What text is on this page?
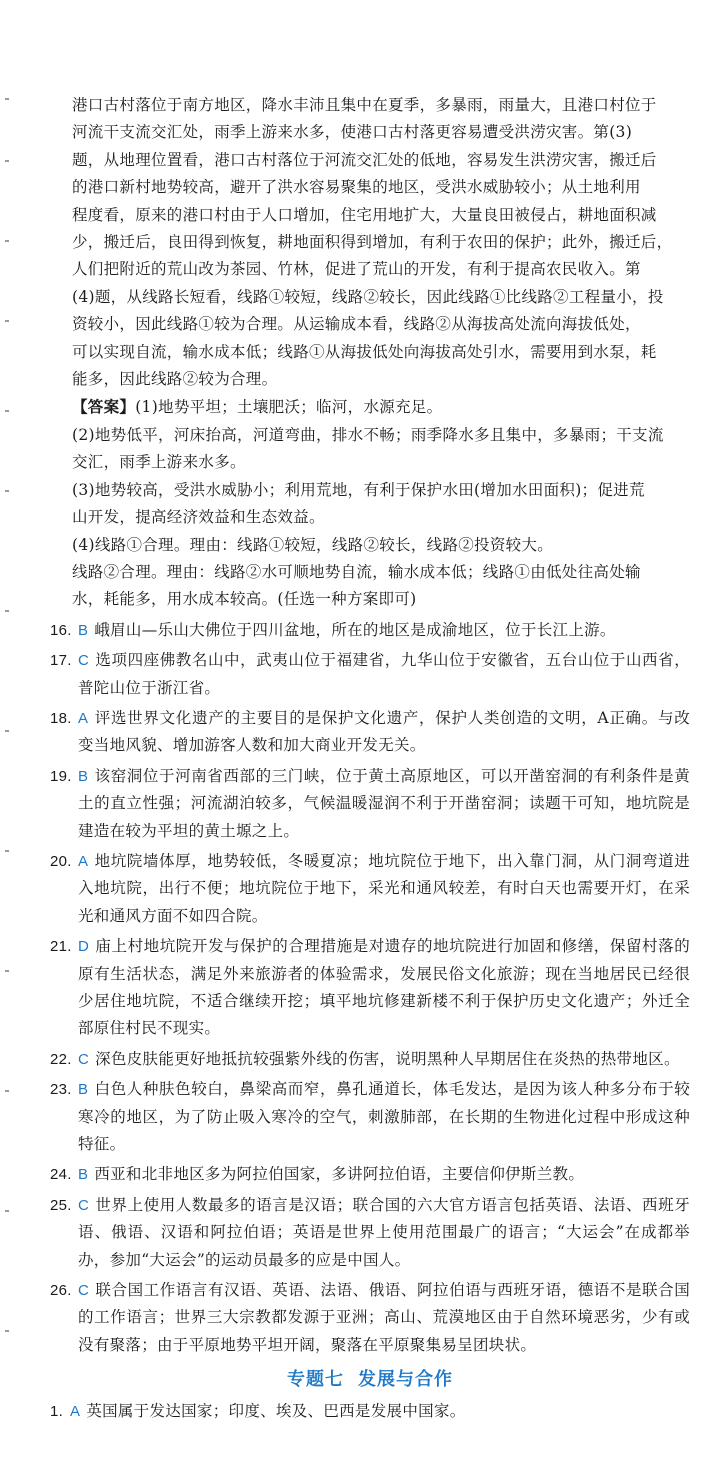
港口古村落位于南方地区，降水丰沛且集中在夏季，多暴雨，雨量大，且港口村位于

河流干支流交汇处，雨季上游来水多，使港口古村落更容易遭受洪涝灾害。第(3)

题，从地理位置看，港口古村落位于河流交汇处的低地，容易发生洪涝灾害，搬迁后

的港口新村地势较高，避开了洪水容易聚集的地区，受洪水威胁较小；从土地利用

程度看，原来的港口村由于人口增加，住宅用地扩大，大量良田被侵占，耕地面积减

少，搬迁后，良田得到恢复，耕地面积得到增加，有利于农田的保护；此外，搬迁后，

人们把附近的荒山改为茶园、竹林，促进了荒山的开发，有利于提高农民收入。第

(4)题，从线路长短看，线路①较短，线路②较长，因此线路①比线路②工程量小，投

资较小，因此线路①较为合理。从运输成本看，线路②从海拔高处流向海拔低处，

可以实现自流，输水成本低；线路①从海拔低处向海拔高处引水，需要用到水泵，耗

能多，因此线路②较为合理。

【答案】(1)地势平坦；土壤肥沃；临河，水源充足。

(2)地势低平，河床抬高，河道弯曲，排水不畅；雨季降水多且集中，多暴雨；干支流

交汇，雨季上游来水多。

(3)地势较高，受洪水威胁小；利用荒地，有利于保护水田(增加水田面积)；促进荒

山开发，提高经济效益和生态效益。

(4)线路①合理。理由：线路①较短，线路②较长，线路②投资较大。

线路②合理。理由：线路②水可顺地势自流，输水成本低；线路①由低处往高处输

水，耗能多，用水成本较高。(任选一种方案即可)

16. B 峨眉山—乐山大佛位于四川盆地，所在的地区是成渝地区，位于长江上游。
17. C 选项四座佛教名山中，武夷山位于福建省，九华山位于安徽省，五台山位于山西省，普陀山位于浙江省。
18. A 评选世界文化遗产的主要目的是保护文化遗产，保护人类创造的文明，A正确。与改变当地风貌、增加游客人数和加大商业开发无关。
19. B 该窑洞位于河南省西部的三门峡，位于黄土高原地区，可以开凿窑洞的有利条件是黄土的直立性强；河流湖泊较多，气候温暖湿润不利于开凿窑洞；读题干可知，地坑院是建造在较为平坦的黄土塬之上。
20. A 地坑院墙体厚，地势较低，冬暖夏凉；地坑院位于地下，出入靠门洞，从门洞弯道进入地坑院，出行不便；地坑院位于地下，采光和通风较差，有时白天也需要开灯，在采光和通风方面不如四合院。
21. D 庙上村地坑院开发与保护的合理措施是对遗存的地坑院进行加固和修缮，保留村落的原有生活状态，满足外来旅游者的体验需求，发展民俗文化旅游；现在当地居民已经很少居住地坑院，不适合继续开挖；填平地坑修建新楼不利于保护历史文化遗产；外迁全部原住村民不现实。
22. C 深色皮肤能更好地抵抗较强紫外线的伤害，说明黑种人早期居住在炎热的热带地区。
23. B 白色人种肤色较白，鼻梁高而窄，鼻孔通道长，体毛发达，是因为该人种多分布于较寒冷的地区，为了防止吸入寒冷的空气，刺激肺部，在长期的生物进化过程中形成这种特征。
24. B 西亚和北非地区多为阿拉伯国家，多讲阿拉伯语，主要信仰伊斯兰教。
25. C 世界上使用人数最多的语言是汉语；联合国的六大官方语言包括英语、法语、西班牙语、俄语、汉语和阿拉伯语；英语是世界上使用范围最广的语言；“大运会”在成都举办，参加“大运会”的运动员最多的应是中国人。
26. C 联合国工作语言有汉语、英语、法语、俄语、阿拉伯语与西班牙语，德语不是联合国的工作语言；世界三大宗教都发源于亚洲；高山、荒漠地区由于自然环境恶劣，少有或没有聚落；由于平原地势平坦开阔，聚落在平原聚集易呈团块状。
专题七 发展与合作
1. A 英国属于发达国家；印度、埃及、巴西是发展中国家。
